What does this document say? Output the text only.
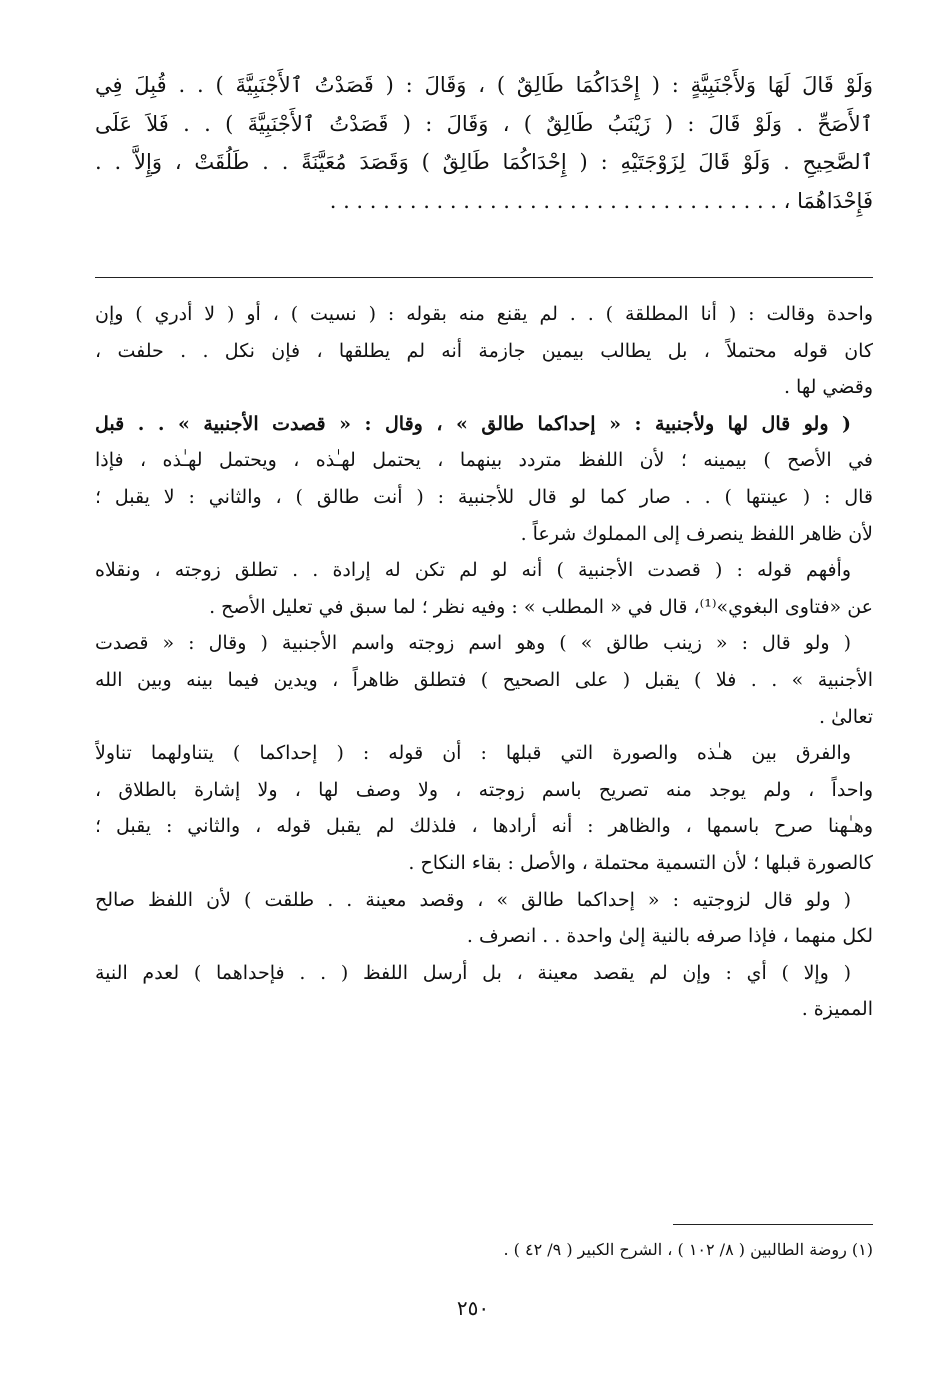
وَلَوْ قَالَ لَهَا وَلأَجْنَبِيَّةٍ : ( إِحْدَاكُمَا طَالِقٌ ) ، وَقَالَ : ( قَصَدْتُ ٱلأَجْنَبِيَّةَ ) . . قُبِلَ فِي
ٱلأَصَحِّ . وَلَوْ قَالَ : ( زَيْنَبُ طَالِقٌ ) ، وَقَالَ : ( قَصَدْتُ ٱلأَجْنَبِيَّةَ ) . . فَلاَ عَلَى
ٱلصَّحِيحِ . وَلَوْ قَالَ لِزَوْجَتَيْهِ : ( إِحْدَاكُمَا طَالِقٌ ) وَقَصَدَ مُعَيَّنَةً . . طَلُقَتْ ، وَإِلاَّ . .
فَإِحْدَاهُمَا ، . . . . . . . . . . . . . . . . . . . . . . . . . . . . . . . . . .

واحدة وقالت : ( أنا المطلقة ) . . لم يقنع منه بقوله : ( نسيت ) ، أو ( لا أدري ) وإن
كان قوله محتملاً ، بل يطالب بيمين جازمة أنه لم يطلقها ، فإن نكل . . حلفت ،
وقضي لها .

( ولو قال لها ولأجنبية : « إحداكما طالق » ، وقال : « قصدت الأجنبية » . . قبل
في الأصح ) بيمينه ؛ لأن اللفظ متردد بينهما ، يحتمل لهـٰذه ، ويحتمل لهـٰذه ، فإذا
قال : ( عينتها ) . . صار كما لو قال للأجنبية : ( أنت طالق ) ، والثاني : لا يقبل ؛
لأن ظاهر اللفظ ينصرف إلى المملوك شرعاً .

وأفهم قوله : ( قصدت الأجنبية ) أنه لو لم تكن له إرادة . . تطلق زوجته ، ونقلاه
عن «فتاوى البغوي»⁽¹⁾، قال في « المطلب » : وفيه نظر ؛ لما سبق في تعليل الأصح .

( ولو قال : « زينب طالق » ) وهو اسم زوجته واسم الأجنبية ( وقال : « قصدت
الأجنبية » . . فلا ) يقبل ( على الصحيح ) فتطلق ظاهراً ، ويدين فيما بينه وبين الله
تعالىٰ .

والفرق بين هـٰذه والصورة التي قبلها : أن قوله : ( إحداكما ) يتناولهما تناولاً
واحداً ، ولم يوجد منه تصريح باسم زوجته ، ولا وصف لها ، ولا إشارة بالطلاق ،
وهـٰهنا صرح باسمها ، والظاهر : أنه أرادها ، فلذلك لم يقبل قوله ، والثاني : يقبل ؛
كالصورة قبلها ؛ لأن التسمية محتملة ، والأصل : بقاء النكاح .

( ولو قال لزوجتيه : « إحداكما طالق » ، وقصد معينة . . طلقت ) لأن اللفظ صالح
لكل منهما ، فإذا صرفه بالنية إلىٰ واحدة . . انصرف .

( وإلا ) أي : وإن لم يقصد معينة ، بل أرسل اللفظ ( . . فإحداهما ) لعدم النية
المميزة .

(١) روضة الطالبين ( ٨/ ١٠٢ ) ، الشرح الكبير ( ٩/ ٤٢ ) .
٢٥٠
